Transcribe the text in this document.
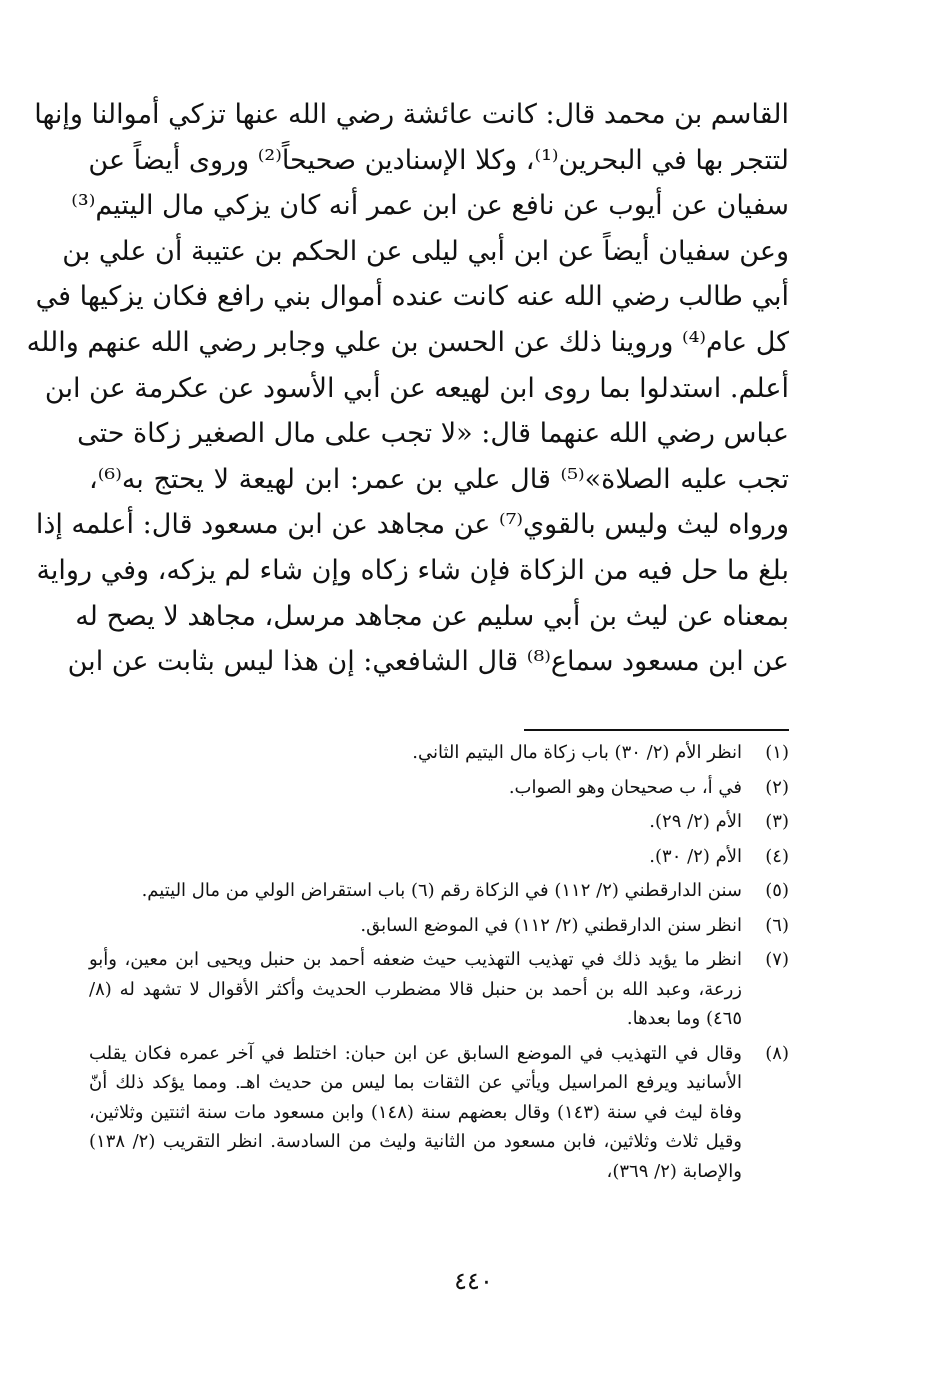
القاسم بن محمد قال: كانت عائشة رضي الله عنها تزكي أموالنا وإنها
لتتجر بها في البحرين⁽¹⁾، وكلا الإسنادين صحيحاً⁽²⁾ وروى أيضاً عن
سفيان عن أيوب عن نافع عن ابن عمر أنه كان يزكي مال اليتيم⁽³⁾
وعن سفيان أيضاً عن ابن أبي ليلى عن الحكم بن عتيبة أن علي بن
أبي طالب رضي الله عنه كانت عنده أموال بني رافع فكان يزكيها في
كل عام⁽⁴⁾ وروينا ذلك عن الحسن بن علي وجابر رضي الله عنهم والله
أعلم. استدلوا بما روى ابن لهيعه عن أبي الأسود عن عكرمة عن ابن
عباس رضي الله عنهما قال: «لا تجب على مال الصغير زكاة حتى
تجب عليه الصلاة»⁽⁵⁾ قال علي بن عمر: ابن لهيعة لا يحتج به⁽⁶⁾،
ورواه ليث وليس بالقوي⁽⁷⁾ عن مجاهد عن ابن مسعود قال: أعلمه إذا
بلغ ما حل فيه من الزكاة فإن شاء زكاه وإن شاء لم يزكه، وفي رواية
بمعناه عن ليث بن أبي سليم عن مجاهد مرسل، مجاهد لا يصح له
عن ابن مسعود سماع⁽⁸⁾ قال الشافعي: إن هذا ليس بثابت عن ابن
(١)
انظر الأم (٢/ ٣٠) باب زكاة مال اليتيم الثاني.
(٢)
في أ، ب صحيحان وهو الصواب.
(٣)
الأم (٢/ ٢٩).
(٤)
الأم (٢/ ٣٠).
(٥)
سنن الدارقطني (٢/ ١١٢) في الزكاة رقم (٦) باب استقراض الولي من مال اليتيم.
(٦)
انظر سنن الدارقطني (٢/ ١١٢) في الموضع السابق.
(٧)
انظر ما يؤيد ذلك في تهذيب التهذيب حيث ضعفه أحمد بن حنبل ويحيى ابن معين، وأبو زرعة، وعبد الله بن أحمد بن حنبل قالا مضطرب الحديث وأكثر الأقوال لا تشهد له (٨/ ٤٦٥) وما بعدها.
(٨)
وقال في التهذيب في الموضع السابق عن ابن حبان: اختلط في آخر عمره فكان يقلب الأسانيد ويرفع المراسيل ويأتي عن الثقات بما ليس من حديث اهـ. ومما يؤكد ذلك أنّ وفاة ليث في سنة (١٤٣) وقال بعضهم سنة (١٤٨) وابن مسعود مات سنة اثنتين وثلاثين، وقيل ثلاث وثلاثين، فابن مسعود من الثانية وليث من السادسة. انظر التقريب (٢/ ١٣٨) والإصابة (٢/ ٣٦٩)،
٤٤٠
